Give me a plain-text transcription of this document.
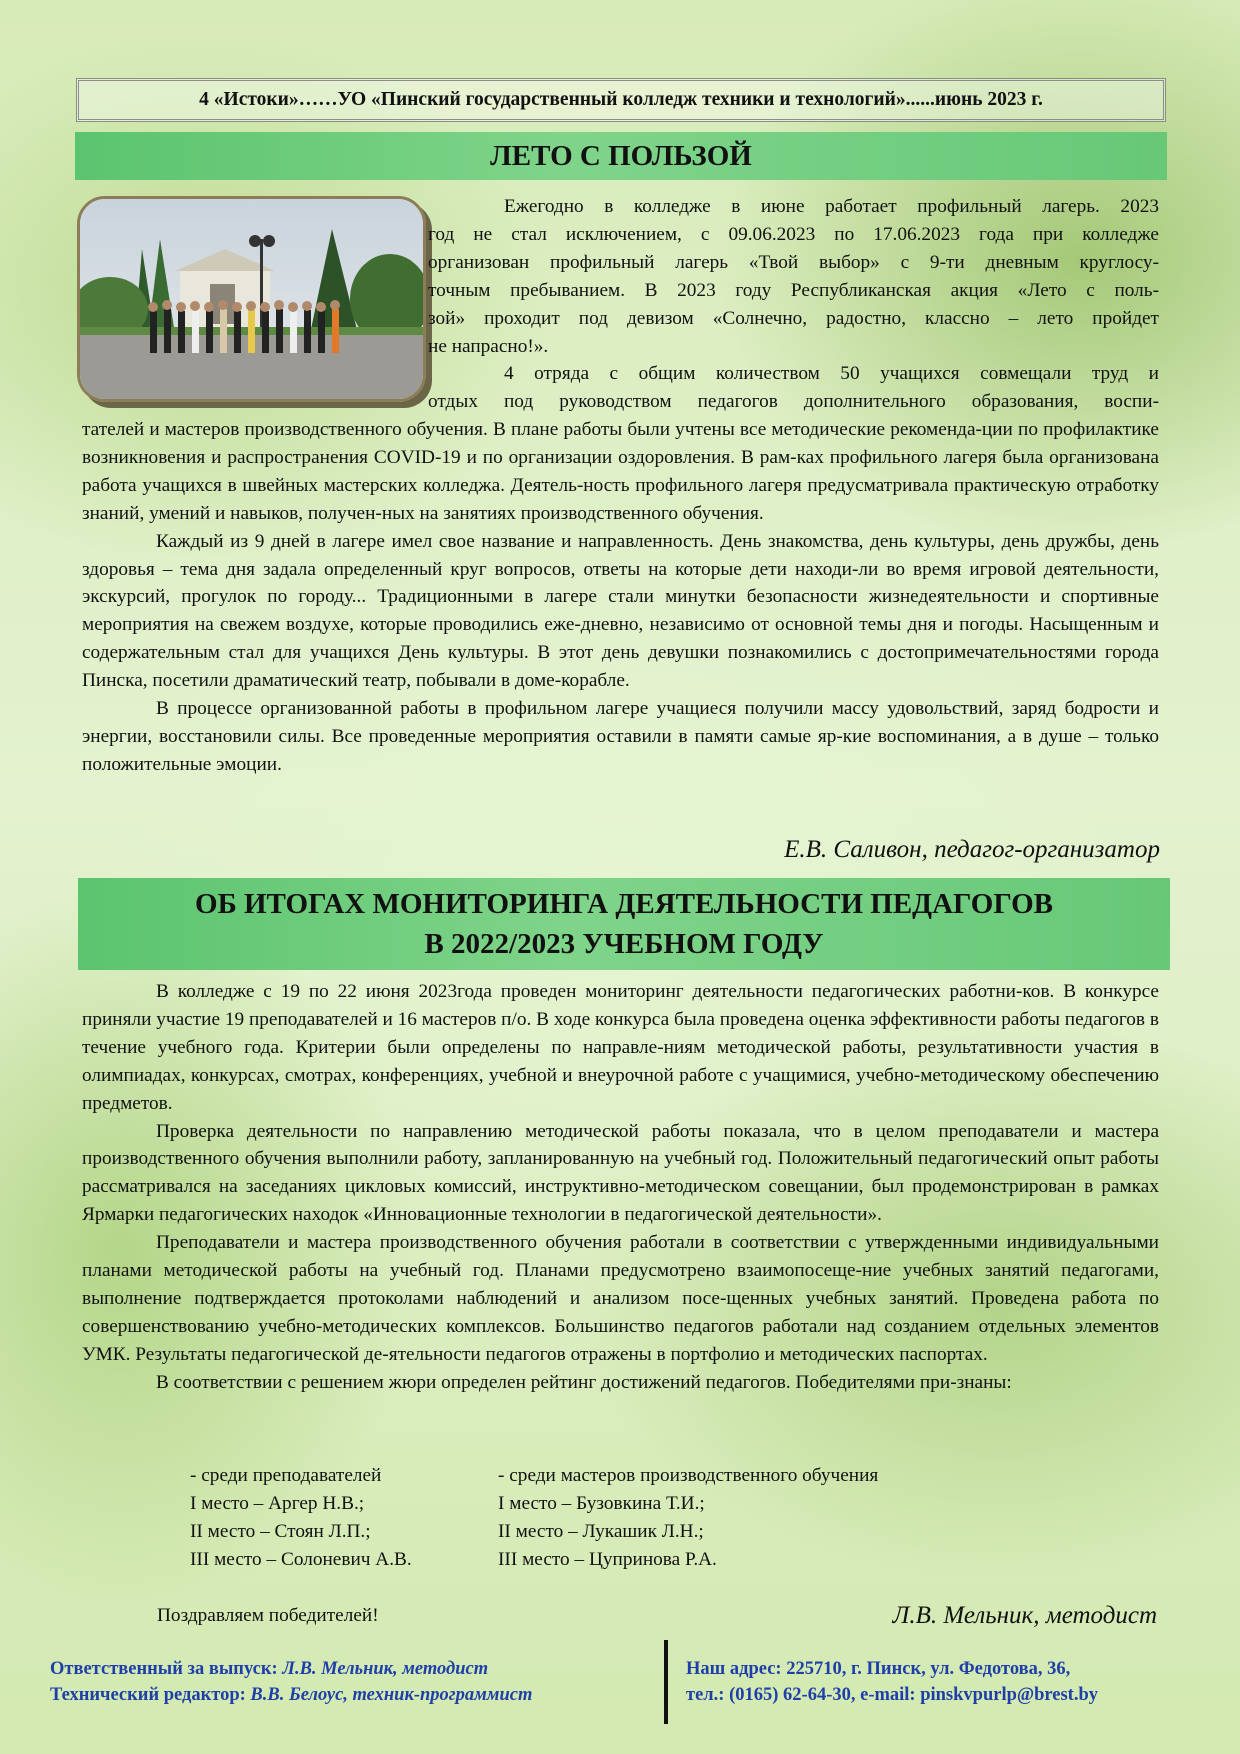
4 «Истоки»……УО «Пинский государственный колледж техники и технологий»......июнь 2023 г.
ЛЕТО С ПОЛЬЗОЙ
Ежегодно в колледже в июне работает профильный лагерь. 2023
год не стал исключением, с 09.06.2023 по 17.06.2023 года при колледже
организован профильный лагерь «Твой выбор» с 9-ти дневным круглосу-
точным пребыванием. В 2023 году Республиканская акция «Лето с поль-
зой» проходит под девизом «Солнечно, радостно, классно – лето пройдет
не напрасно!».
4 отряда с общим количеством 50 учащихся совмещали труд и
отдых под руководством педагогов дополнительного образования, воспи-

тателей и мастеров производственного обучения. В плане работы были учтены все методические рекоменда-ции по профилактике возникновения и распространения COVID-19 и по организации оздоровления. В рам-ках профильного лагеря была организована работа учащихся в швейных мастерских колледжа. Деятель-ность профильного лагеря предусматривала практическую отработку знаний, умений и навыков, получен-ных на занятиях производственного обучения.

Каждый из 9 дней в лагере имел свое название и направленность. День знакомства, день культуры, день дружбы, день здоровья – тема дня задала определенный круг вопросов, ответы на которые дети находи-ли во время игровой деятельности, экскурсий, прогулок по городу... Традиционными в лагере стали минутки безопасности жизнедеятельности и спортивные мероприятия на свежем воздухе, которые проводились еже-дневно, независимо от основной темы дня и погоды. Насыщенным и содержательным стал для учащихся День культуры. В этот день девушки познакомились с достопримечательностями города Пинска, посетили драматический театр, побывали в доме-корабле.

В процессе организованной работы в профильном лагере учащиеся получили массу удовольствий, заряд бодрости и энергии, восстановили силы. Все проведенные мероприятия оставили в памяти самые яр-кие воспоминания, а в душе – только положительные эмоции.

Е.В. Саливон, педагог-организатор
ОБ ИТОГАХ МОНИТОРИНГА ДЕЯТЕЛЬНОСТИ ПЕДАГОГОВ
В 2022/2023 УЧЕБНОМ ГОДУ

В колледже с 19 по 22 июня 2023года проведен мониторинг деятельности педагогических работни-ков. В конкурсе приняли участие 19 преподавателей и 16 мастеров п/о. В ходе конкурса была проведена оценка эффективности работы педагогов в течение учебного года. Критерии были определены по направле-ниям методической работы, результативности участия в олимпиадах, конкурсах, смотрах, конференциях, учебной и внеурочной работе с учащимися, учебно-методическому обеспечению предметов.

Проверка деятельности по направлению методической работы показала, что в целом преподаватели и мастера производственного обучения выполнили работу, запланированную на учебный год. Положительный педагогический опыт работы рассматривался на заседаниях цикловых комиссий, инструктивно-методическом совещании, был продемонстрирован в рамках Ярмарки педагогических находок «Инновационные технологии в педагогической деятельности».

Преподаватели и мастера производственного обучения работали в соответствии с утвержденными индивидуальными планами методической работы на учебный год. Планами предусмотрено взаимопосеще-ние учебных занятий педагогами, выполнение подтверждается протоколами наблюдений и анализом посе-щенных учебных занятий. Проведена работа по совершенствованию учебно-методических комплексов. Большинство педагогов работали над созданием отдельных элементов УМК. Результаты педагогической де-ятельности педагогов отражены в портфолио и методических паспортах.

В соответствии с решением жюри определен рейтинг достижений педагогов. Победителями при-знаны:

- среди преподавателей
I место – Аргер Н.В.;
II место – Стоян Л.П.;
III место – Солоневич А.В.
- среди мастеров производственного обучения
I место – Бузовкина Т.И.;
II место – Лукашик Л.Н.;
III место – Цупринова Р.А.
Поздравляем победителей!	Л.В. Мельник, методист
Ответственный за выпуск: Л.В. Мельник, методист
Технический редактор: В.В. Белоус, техник-программист
Наш адрес: 225710, г. Пинск, ул. Федотова, 36,
тел.: (0165) 62-64-30, e-mail: pinskvpurlp@brest.by
